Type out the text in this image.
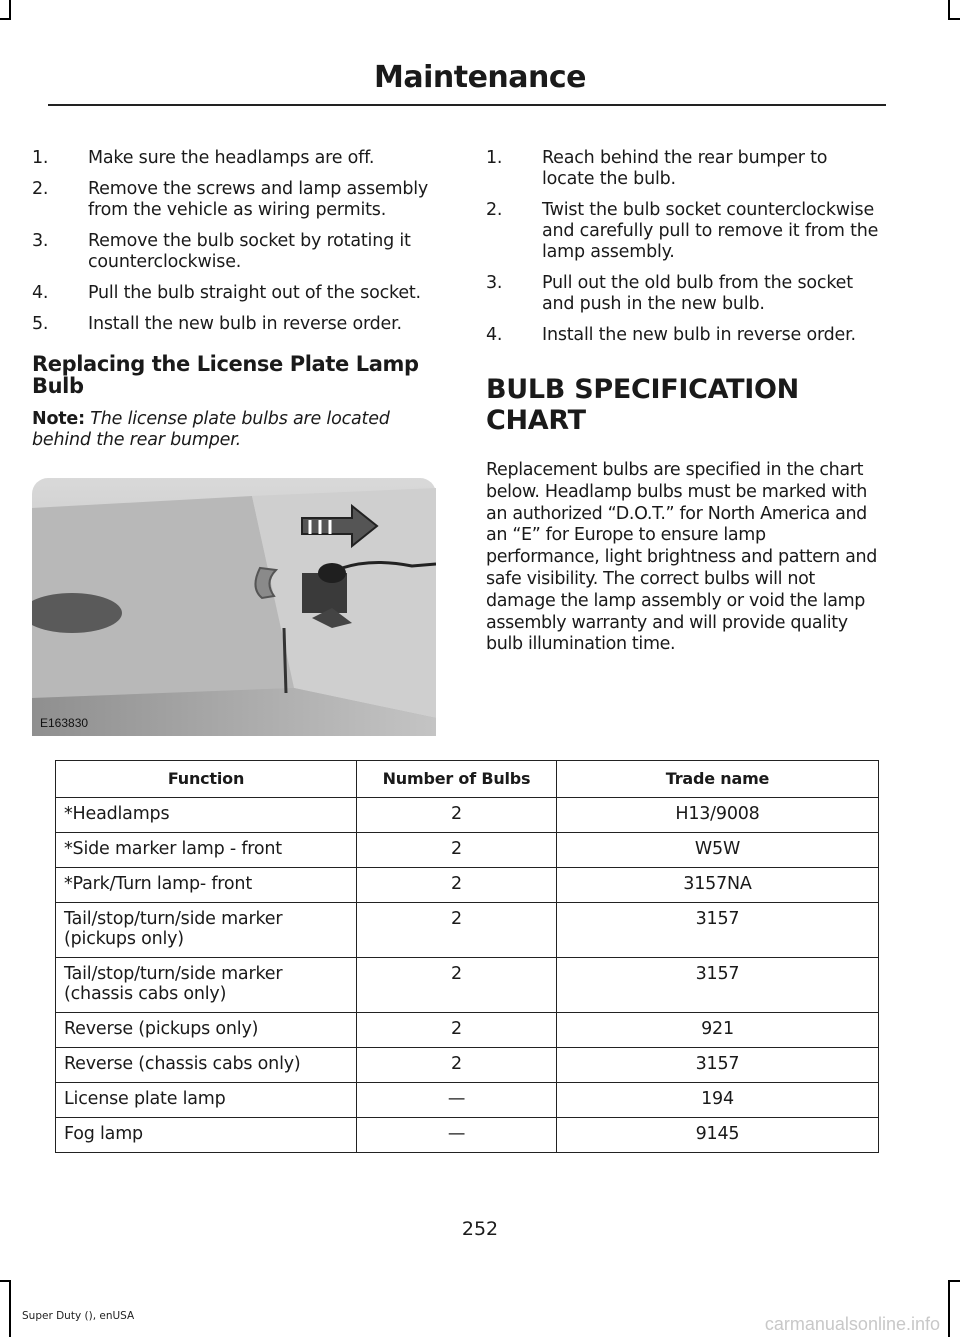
Maintenance
1.	Make sure the headlamps are off.
2.	Remove the screws and lamp assembly from the vehicle as wiring permits.
3.	Remove the bulb socket by rotating it counterclockwise.
4.	Pull the bulb straight out of the socket.
5.	Install the new bulb in reverse order.
Replacing the License Plate Lamp Bulb

Note: The license plate bulbs are located behind the rear bumper.

E163830
1.	Reach behind the rear bumper to locate the bulb.
2.	Twist the bulb socket counterclockwise and carefully pull to remove it from the lamp assembly.
3.	Pull out the old bulb from the socket and push in the new bulb.
4.	Install the new bulb in reverse order.
BULB SPECIFICATION CHART

Replacement bulbs are specified in the chart below. Headlamp bulbs must be marked with an authorized “D.O.T.” for North America and an “E” for Europe to ensure lamp performance, light brightness and pattern and safe visibility. The correct bulbs will not damage the lamp assembly or void the lamp assembly warranty and will provide quality bulb illumination time.

Function	Number of Bulbs	Trade name
*Headlamps	2	H13/9008
*Side marker lamp - front	2	W5W
*Park/Turn lamp- front	2	3157NA
Tail/stop/turn/side marker (pickups only)	2	3157
Tail/stop/turn/side marker (chassis cabs only)	2	3157
Reverse (pickups only)	2	921
Reverse (chassis cabs only)	2	3157
License plate lamp	—	194
Fog lamp	—	9145
252
Super Duty (), enUSA	carmanualsonline.info
